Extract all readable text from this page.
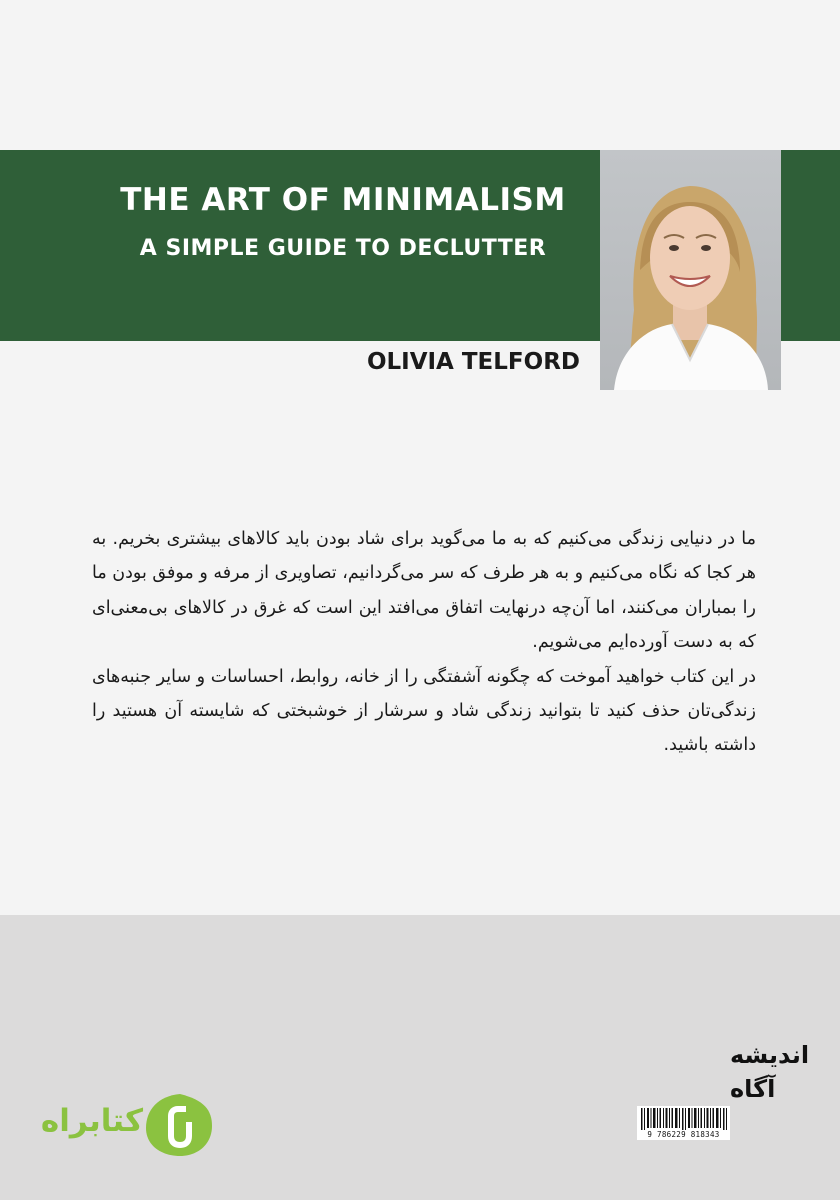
THE ART OF MINIMALISM
A SIMPLE GUIDE TO DECLUTTER
OLIVIA TELFORD

ما در دنیایی زندگی می‌کنیم که به ما می‌گوید برای شاد بودن باید کالاهای بیشتری بخریم. به هر کجا که نگاه می‌کنیم و به هر طرف که سر می‌گردانیم، تصاویری از مرفه و موفق بودن ما را بمباران می‌کنند، اما آن‌چه درنهایت اتفاق می‌افتد این است که غرق در کالاهای بی‌معنی‌ای که به دست آورده‌ایم می‌شویم.

در این کتاب خواهید آموخت که چگونه آشفتگی را از خانه، روابط، احساسات و سایر جنبه‌های زندگی‌تان حذف کنید تا بتوانید زندگی شاد و سرشار از خوشبختی که شایسته آن هستید را داشته باشید.

اندیشه
آگاه
9 786229 818343
کتابراه
